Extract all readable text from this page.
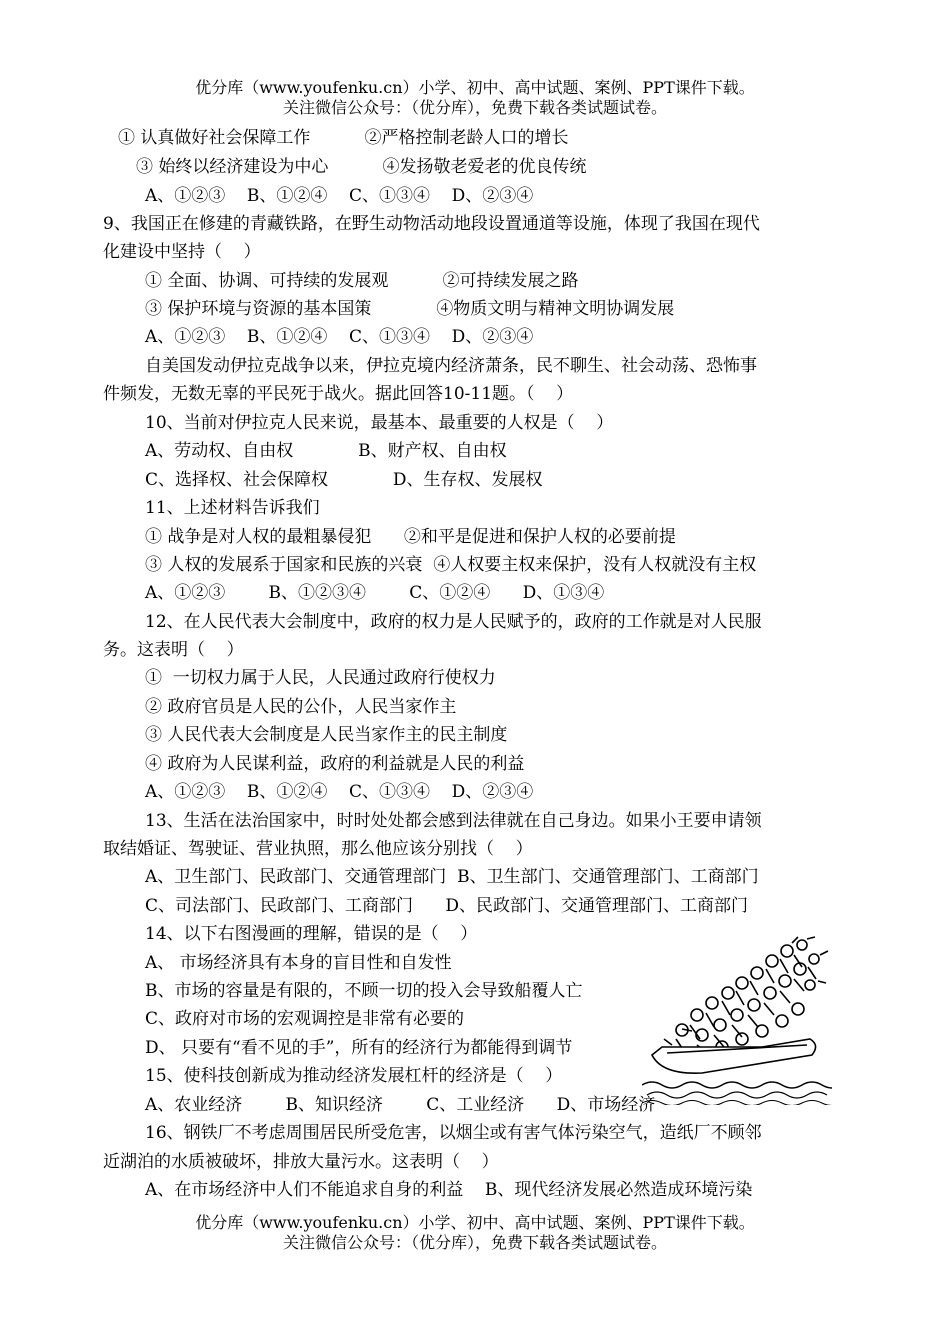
优分库（www.youfenku.cn）小学、初中、高中试题、案例、PPT课件下载。
关注微信公众号：（优分库），免费下载各类试题试卷。
① 认真做好社会保障工作          ②严格控制老龄人口的增长
③ 始终以经济建设为中心          ④发扬敬老爱老的优良传统
A、①②③    B、①②④    C、①③④    D、②③④
9、我国正在修建的青藏铁路，在野生动物活动地段设置通道等设施，体现了我国在现代
化建设中坚持（    ）
① 全面、协调、可持续的发展观          ②可持续发展之路
③ 保护环境与资源的基本国策            ④物质文明与精神文明协调发展
A、①②③    B、①②④    C、①③④    D、②③④
自美国发动伊拉克战争以来，伊拉克境内经济萧条，民不聊生、社会动荡、恐怖事
件频发，无数无辜的平民死于战火。据此回答10-11题。（    ）
10、当前对伊拉克人民来说，最基本、最重要的人权是（    ）
A、劳动权、自由权            B、财产权、自由权
C、选择权、社会保障权            D、生存权、发展权
11、上述材料告诉我们
① 战争是对人权的最粗暴侵犯      ②和平是促进和保护人权的必要前提
③ 人权的发展系于国家和民族的兴衰  ④人权要主权来保护，没有人权就没有主权
A、①②③        B、①②③④        C、①②④      D、①③④
12、在人民代表大会制度中，政府的权力是人民赋予的，政府的工作就是对人民服
务。这表明（    ）
①  一切权力属于人民，人民通过政府行使权力
② 政府官员是人民的公仆，人民当家作主
③ 人民代表大会制度是人民当家作主的民主制度
④ 政府为人民谋利益，政府的利益就是人民的利益
A、①②③    B、①②④    C、①③④    D、②③④
13、生活在法治国家中，时时处处都会感到法律就在自己身边。如果小王要申请领
取结婚证、驾驶证、营业执照，那么他应该分别找（    ）
A、卫生部门、民政部门、交通管理部门  B、卫生部门、交通管理部门、工商部门
C、司法部门、民政部门、工商部门      D、民政部门、交通管理部门、工商部门
14、以下右图漫画的理解，错误的是（    ）
A、 市场经济具有本身的盲目性和自发性
B、市场的容量是有限的，不顾一切的投入会导致船覆人亡
C、政府对市场的宏观调控是非常有必要的
D、 只要有“看不见的手”，所有的经济行为都能得到调节
15、使科技创新成为推动经济发展杠杆的经济是（    ）
A、农业经济        B、知识经济        C、工业经济      D、市场经济
16、钢铁厂不考虑周围居民所受危害，以烟尘或有害气体污染空气，造纸厂不顾邻
近湖泊的水质被破坏，排放大量污水。这表明（    ）
A、在市场经济中人们不能追求自身的利益    B、现代经济发展必然造成环境污染
优分库（www.youfenku.cn）小学、初中、高中试题、案例、PPT课件下载。
关注微信公众号：（优分库），免费下载各类试题试卷。
